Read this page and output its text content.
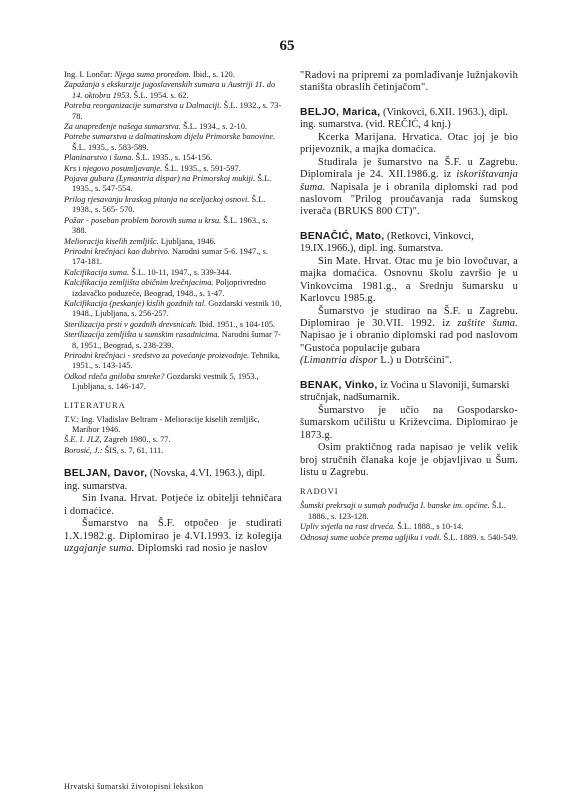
65

Ing. I. Lončar: Njega suma proredom. Ibid., s. 120.

Zapažanja s ekskurzije jugoslavenskih sumara u Austriji 11. do 14. oktobra 1953. Š.L. 1954. s. 62.

Potreba reorganizacije sumarstva u Dalmaciji. Š.L. 1932., s. 73-78.

Za unapređenje našega sumarstva. Š.L. 1934., s. 2-10.

Potrebe sumarstva u dalmatinskom dijelu Primorske banovine. Š.L. 1935., s. 583-589.

Planinarstvo i šuma. Š.L. 1935., s. 154-156.

Krs i njegovo posumljavanje. Š.L. 1935., s. 591-597.

Pojava gubara (Lymantria dispar) na Primorskoj mukiji. Š.L. 1935., s. 547-554.

Prilog rjesavanju kraskog pitanja na sceljackoj osnovi. Š.L. 1938., s. 565- 570.

Požar - poseban problem borovih suma u krsu. Š.L. 1963., s. 388.

Melioracija kiselih zemljišc. Ljubljana, 1946.

Prirodni krečnjaci kao đubrivo. Narodni sumar 5-6. 1947., s. 174-181.

Kalcifikacija suma. Š.L. 10-11, 1947., s. 339-344.

Kalcifikacija zemljišta običnim krečnjacima. Poljoprivredno izdavačko poduzeće, Beograd, 1948., s. 1-47.

Kalcifikacija (peskanje) kislih gozdnih tal. Gozdarski vestnik 10, 1948., Ljubljana, s. 256-257.

Sterilizacija prsti v gozdnih drevsnicah. Ibid. 1951., s 104-105.

Sterilizacija zemljišta u sumskim rasadnicima. Narodni šumar 7-8, 1951., Beograd, s. 238-239.

Prirodni krečnjaci - sredstvo za povećanje proizvodnje. Tehnika, 1951., s. 143-145.

Odkod rdeča gniloba smreke? Gozdarski vestnik 5, 1953., Ljubljana, s. 146-147.

LITERATURA

T.V.: Ing. Vladislav Beltram - Melioracije kiselih zemljišc, Maribor 1946.

Š.E. I. JLZ, Zagreb 1980., s. 77.

Borosić, J.: ŠIS, s. 7, 61, 111.

BELJAN, Davor, (Novska, 4.VI. 1963.), dipl. ing. sumarstva.

Sin Ivana. Hrvat. Potjeće iz obitelji tehničara i domaćice.

Šumarstvo na Š.F. otpočeo je studirati 1.X.1982.g. Diplomirao je 4.VI.1993. iz kolegija uzgajanje suma. Diplomski rad nosio je naslov

"Radovi na pripremi za pomlađivanje lužnjakovih staništa obraslih četinjačom".

BELJO, Marica, (Vinkovci, 6.XII. 1963.), dipl. ing. sumarstva. (vid. REČIĆ, 4 knj.)

Kcerka Marijana. Hrvatica. Otac joj je bio prijevoznik, a majka domaćica.

Studirala je šumarstvo na Š.F. u Zagrebu. Diplomirala je 24. XII.1986.g. iz iskorištavanja šuma. Napisala je i obranila diplomski rad pod naslovom "Prilog proučavanja rada šumskog iverača (BRUKS 800 CT)".

BENAČIĆ, Mato, (Retkovci, Vinkovci, 19.IX.1966.), dipl. ing. šumarstva.

Sin Mate. Hrvat. Otac mu je bio lovočuvar, a majka domaćica. Osnovnu školu završio je u Vinkovcima 1981.g., a Srednju šumarsku u Karlovcu 1985.g.

Šumarstvo je studirao na Š.F. u Zagrebu. Diplomirao je 30.VII. 1992. iz zaštite šuma. Napisao je i obranio diplomski rad pod naslovom "Gustoća populacije gubara

(Limantria dispor L.) u Dotršćini".

BENAK, Vinko, iz Voćina u Slavoniji, šumarski stručnjak, nadšumarnik.

Šumarstvo je učio na Gospodarsko-šumarskom učilištu u Križevcima. Diplomirao je 1873.g.

Osim praktičnog rada napisao je velik velik broj stručnih članaka koje je objavljivao u Šum. listu u Zagrebu.

RADOVI

Šumski prekrsaji u sumah područja I. banske im. općine. Š.L. 1886., s. 123-128.

Upliv svjetla na rast drveća. Š.L. 1888., s 10-14.

Odnosaj sume uobće prema ugljiku i vodi. Š.L. 1889. s. 540-549.

Hrvatski šumarski životopisni leksikon
